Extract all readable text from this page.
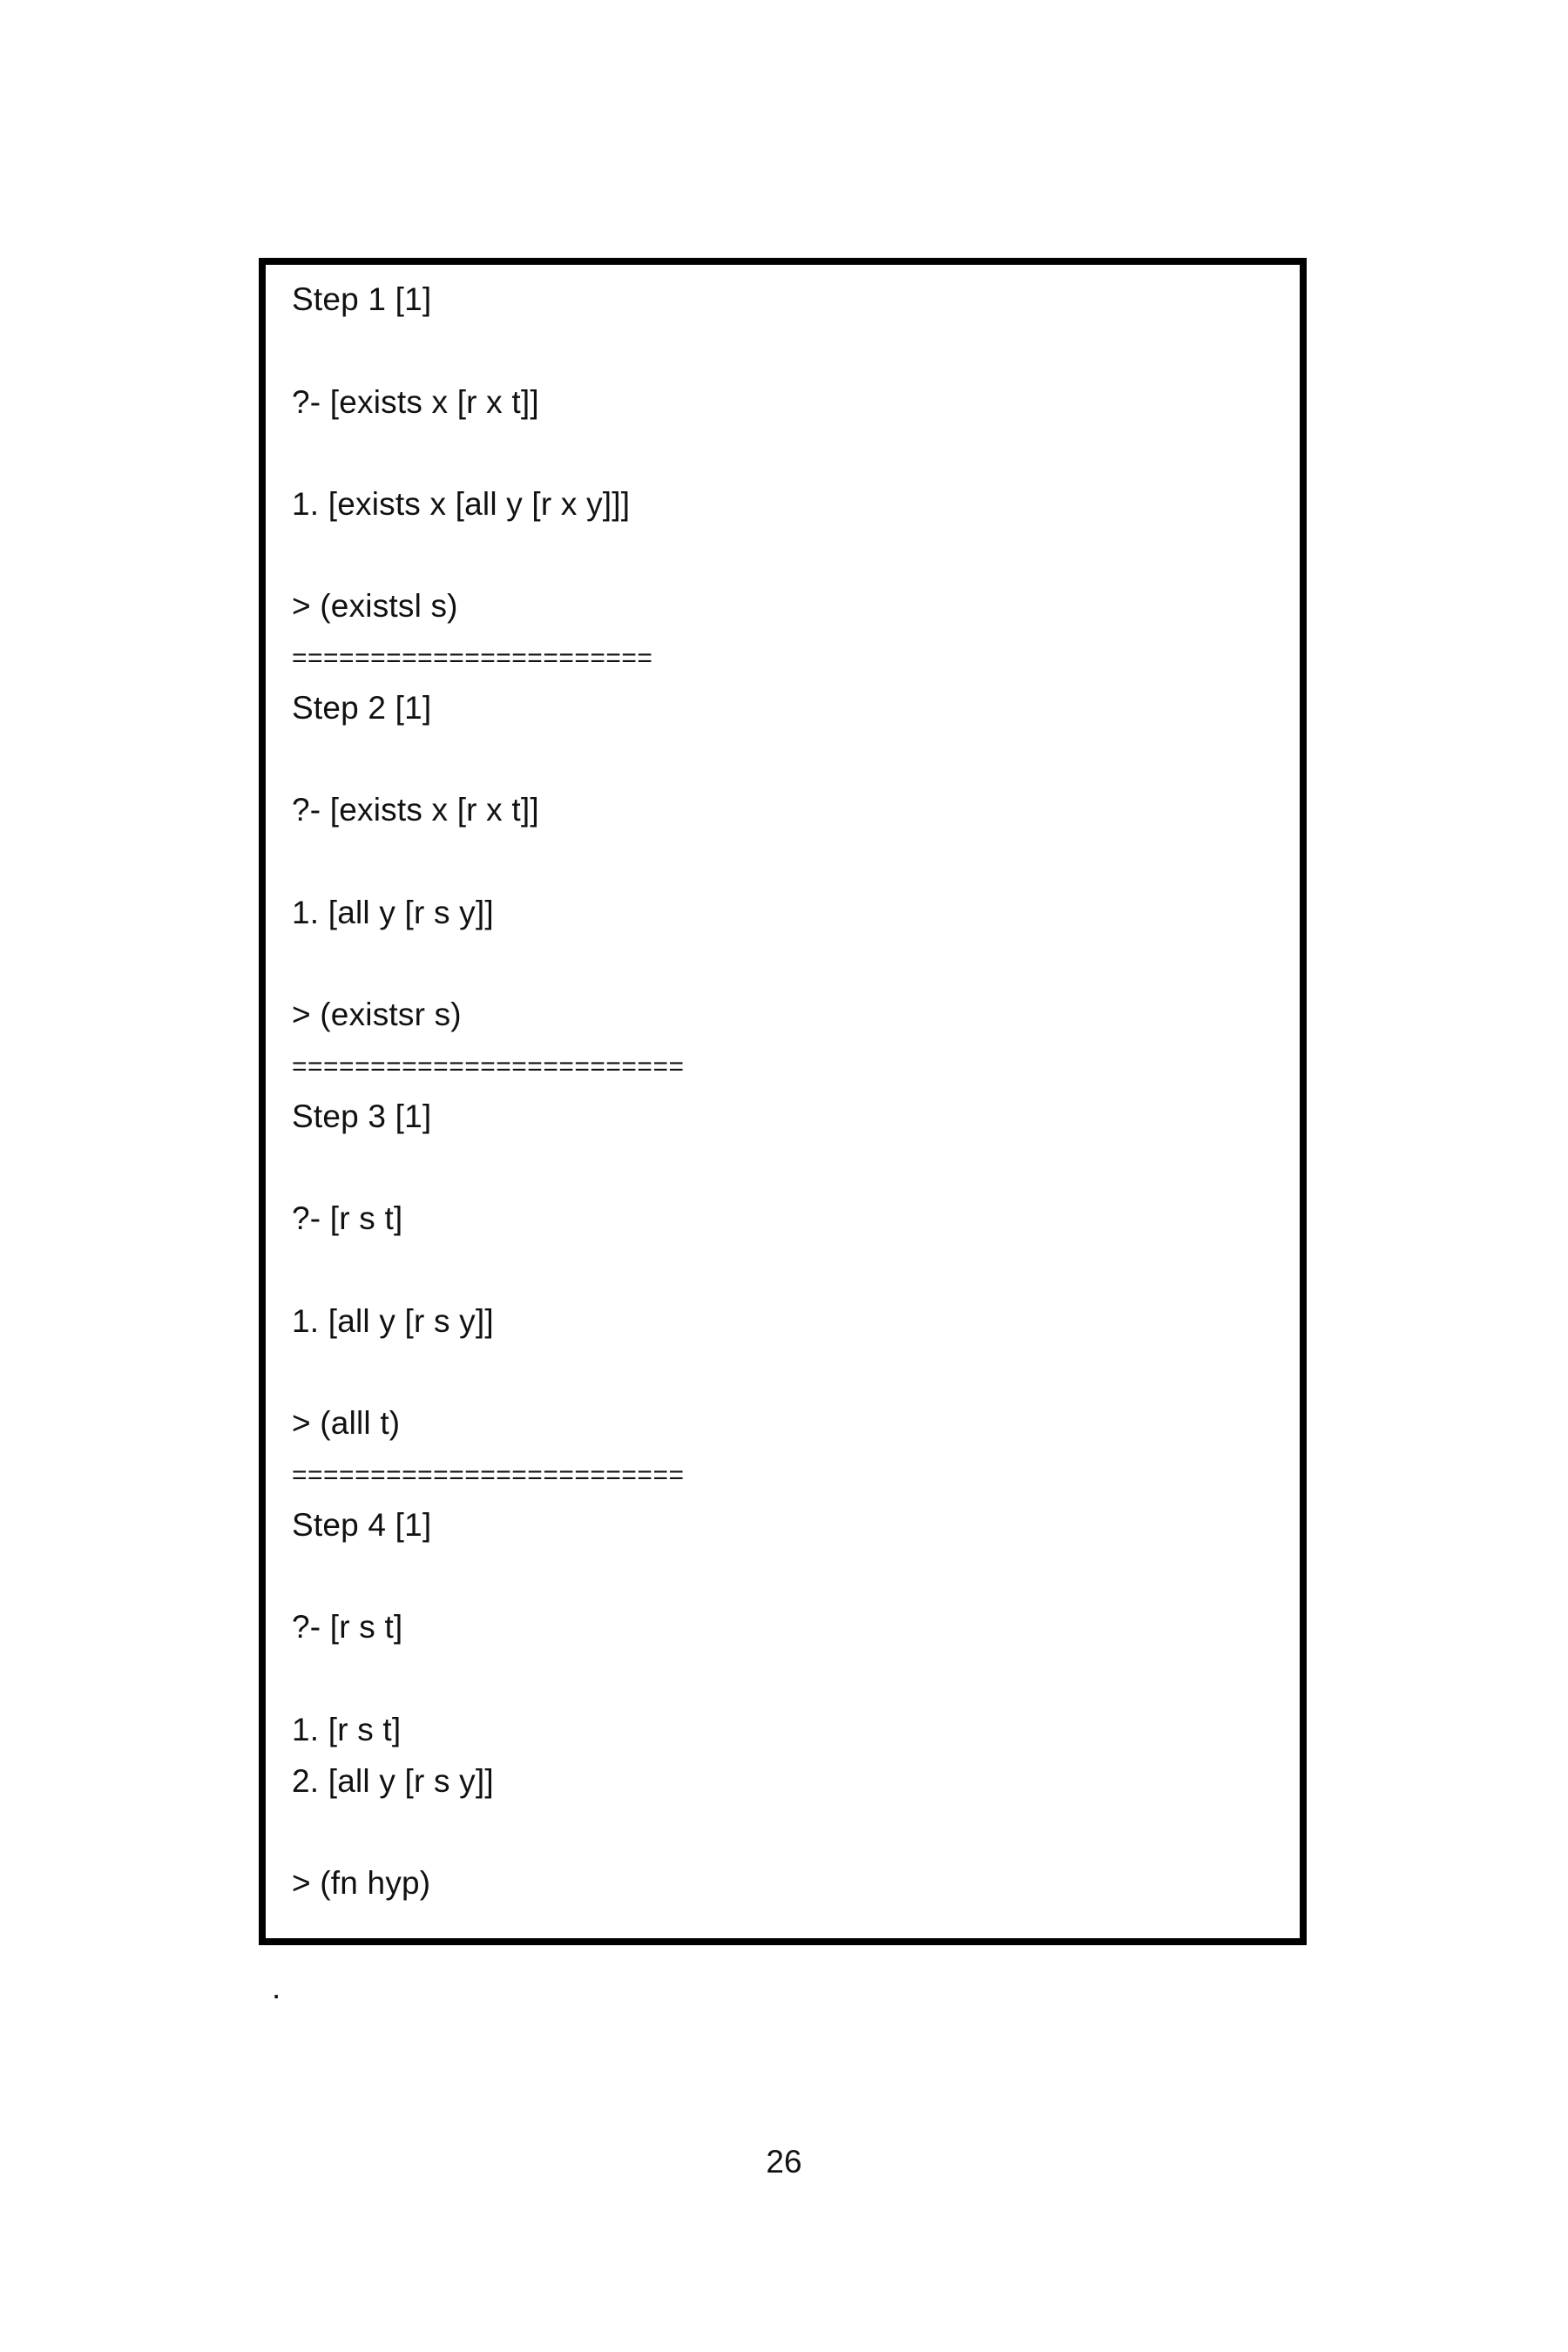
Step 1 [1]
?- [exists x [r x t]]
1. [exists x [all y [r x y]]]
> (existsl s)
=======================
Step 2 [1]
?- [exists x [r x t]]
1. [all y [r s y]]
> (existsr s)
=========================
Step 3 [1]
?- [r s t]
1. [all y [r s y]]
> (alll t)
=========================
Step 4 [1]
?- [r s t]
1. [r s t]
2. [all y [r s y]]
> (fn hyp)
.
26
